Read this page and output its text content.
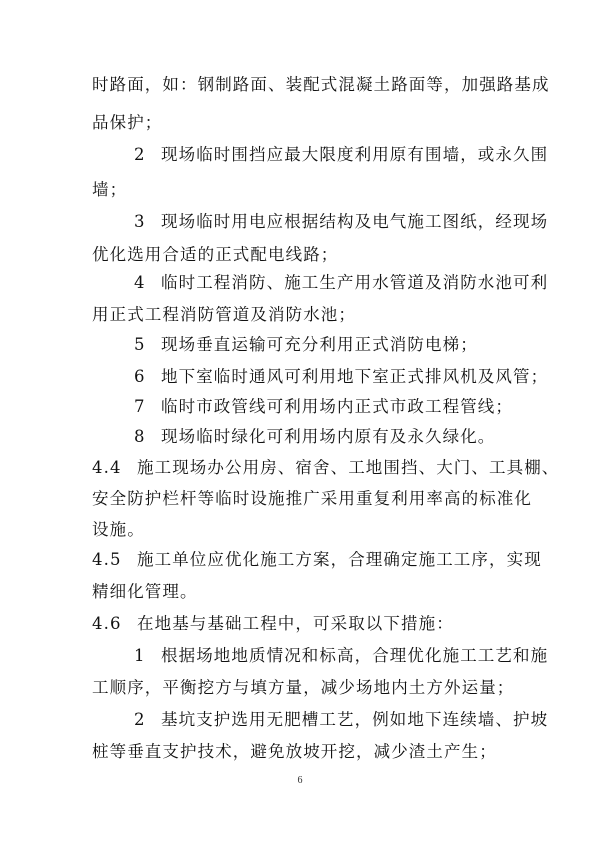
时路面，如：钢制路面、装配式混凝土路面等，加强路基成
品保护；
2 现场临时围挡应最大限度利用原有围墙，或永久围
墙；
3 现场临时用电应根据结构及电气施工图纸，经现场
优化选用合适的正式配电线路；
4 临时工程消防、施工生产用水管道及消防水池可利
用正式工程消防管道及消防水池；
5 现场垂直运输可充分利用正式消防电梯；
6 地下室临时通风可利用地下室正式排风机及风管；
7 临时市政管线可利用场内正式市政工程管线；
8 现场临时绿化可利用场内原有及永久绿化。
4.4 施工现场办公用房、宿舍、工地围挡、大门、工具棚、
安全防护栏杆等临时设施推广采用重复利用率高的标准化
设施。
4.5 施工单位应优化施工方案，合理确定施工工序，实现
精细化管理。
4.6 在地基与基础工程中，可采取以下措施：
1 根据场地地质情况和标高，合理优化施工工艺和施
工顺序，平衡挖方与填方量，减少场地内土方外运量；
2 基坑支护选用无肥槽工艺，例如地下连续墙、护坡
桩等垂直支护技术，避免放坡开挖，减少渣土产生；
6
